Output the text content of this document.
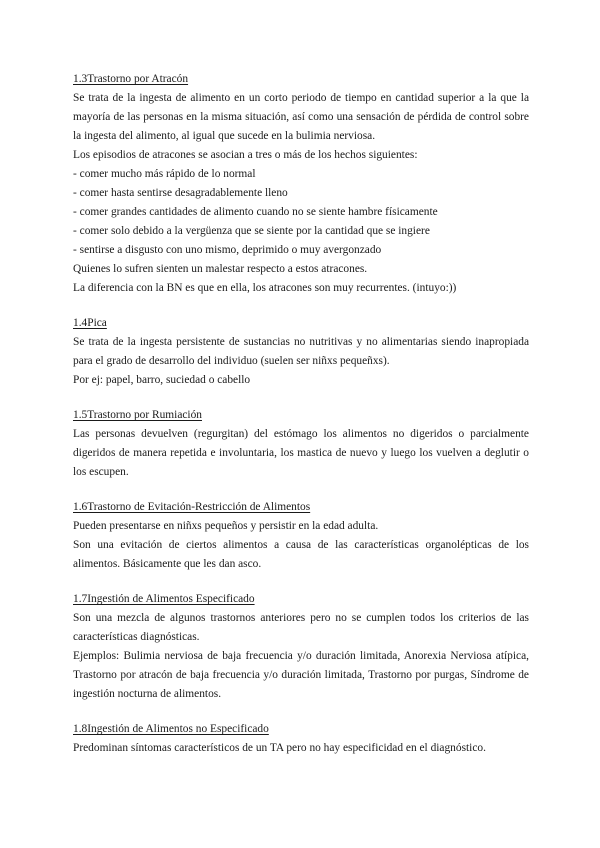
1.3Trastorno por Atracón

Se trata de la ingesta de alimento en un corto periodo de tiempo en cantidad superior a la que la mayoría de las personas en la misma situación, así como una sensación de pérdida de control sobre la ingesta del alimento, al igual que sucede en la bulimia nerviosa.

Los episodios de atracones se asocian a tres o más de los hechos siguientes:

- comer mucho más rápido de lo normal

- comer hasta sentirse desagradablemente lleno

- comer grandes cantidades de alimento cuando no se siente hambre físicamente

- comer solo debido a la vergüenza que se siente por la cantidad que se ingiere

- sentirse a disgusto con uno mismo, deprimido o muy avergonzado

Quienes lo sufren sienten un malestar respecto a estos atracones.

La diferencia con la BN es que en ella, los atracones son muy recurrentes. (intuyo:))

1.4Pica

Se trata de la ingesta persistente de sustancias no nutritivas y no alimentarias siendo inapropiada para el grado de desarrollo del individuo (suelen ser niñxs pequeñxs).

Por ej: papel, barro, suciedad o cabello

1.5Trastorno por Rumiación

Las personas devuelven (regurgitan) del estómago los alimentos no digeridos o parcialmente digeridos de manera repetida e involuntaria, los mastica de nuevo y luego los vuelven a deglutir o los escupen.

1.6Trastorno de Evitación-Restricción de Alimentos

Pueden presentarse en niñxs pequeños y persistir en la edad adulta.

Son una evitación de ciertos alimentos a causa de las características organolépticas de los alimentos. Básicamente que les dan asco.

1.7Ingestión de Alimentos Especificado

Son una mezcla de algunos trastornos anteriores pero no se cumplen todos los criterios de las características diagnósticas.

Ejemplos: Bulimia nerviosa de baja frecuencia y/o duración limitada, Anorexia Nerviosa atípica, Trastorno por atracón de baja frecuencia y/o duración limitada, Trastorno por purgas, Síndrome de ingestión nocturna de alimentos.

1.8Ingestión de Alimentos no Especificado

Predominan síntomas característicos de un TA pero no hay especificidad en el diagnóstico.
